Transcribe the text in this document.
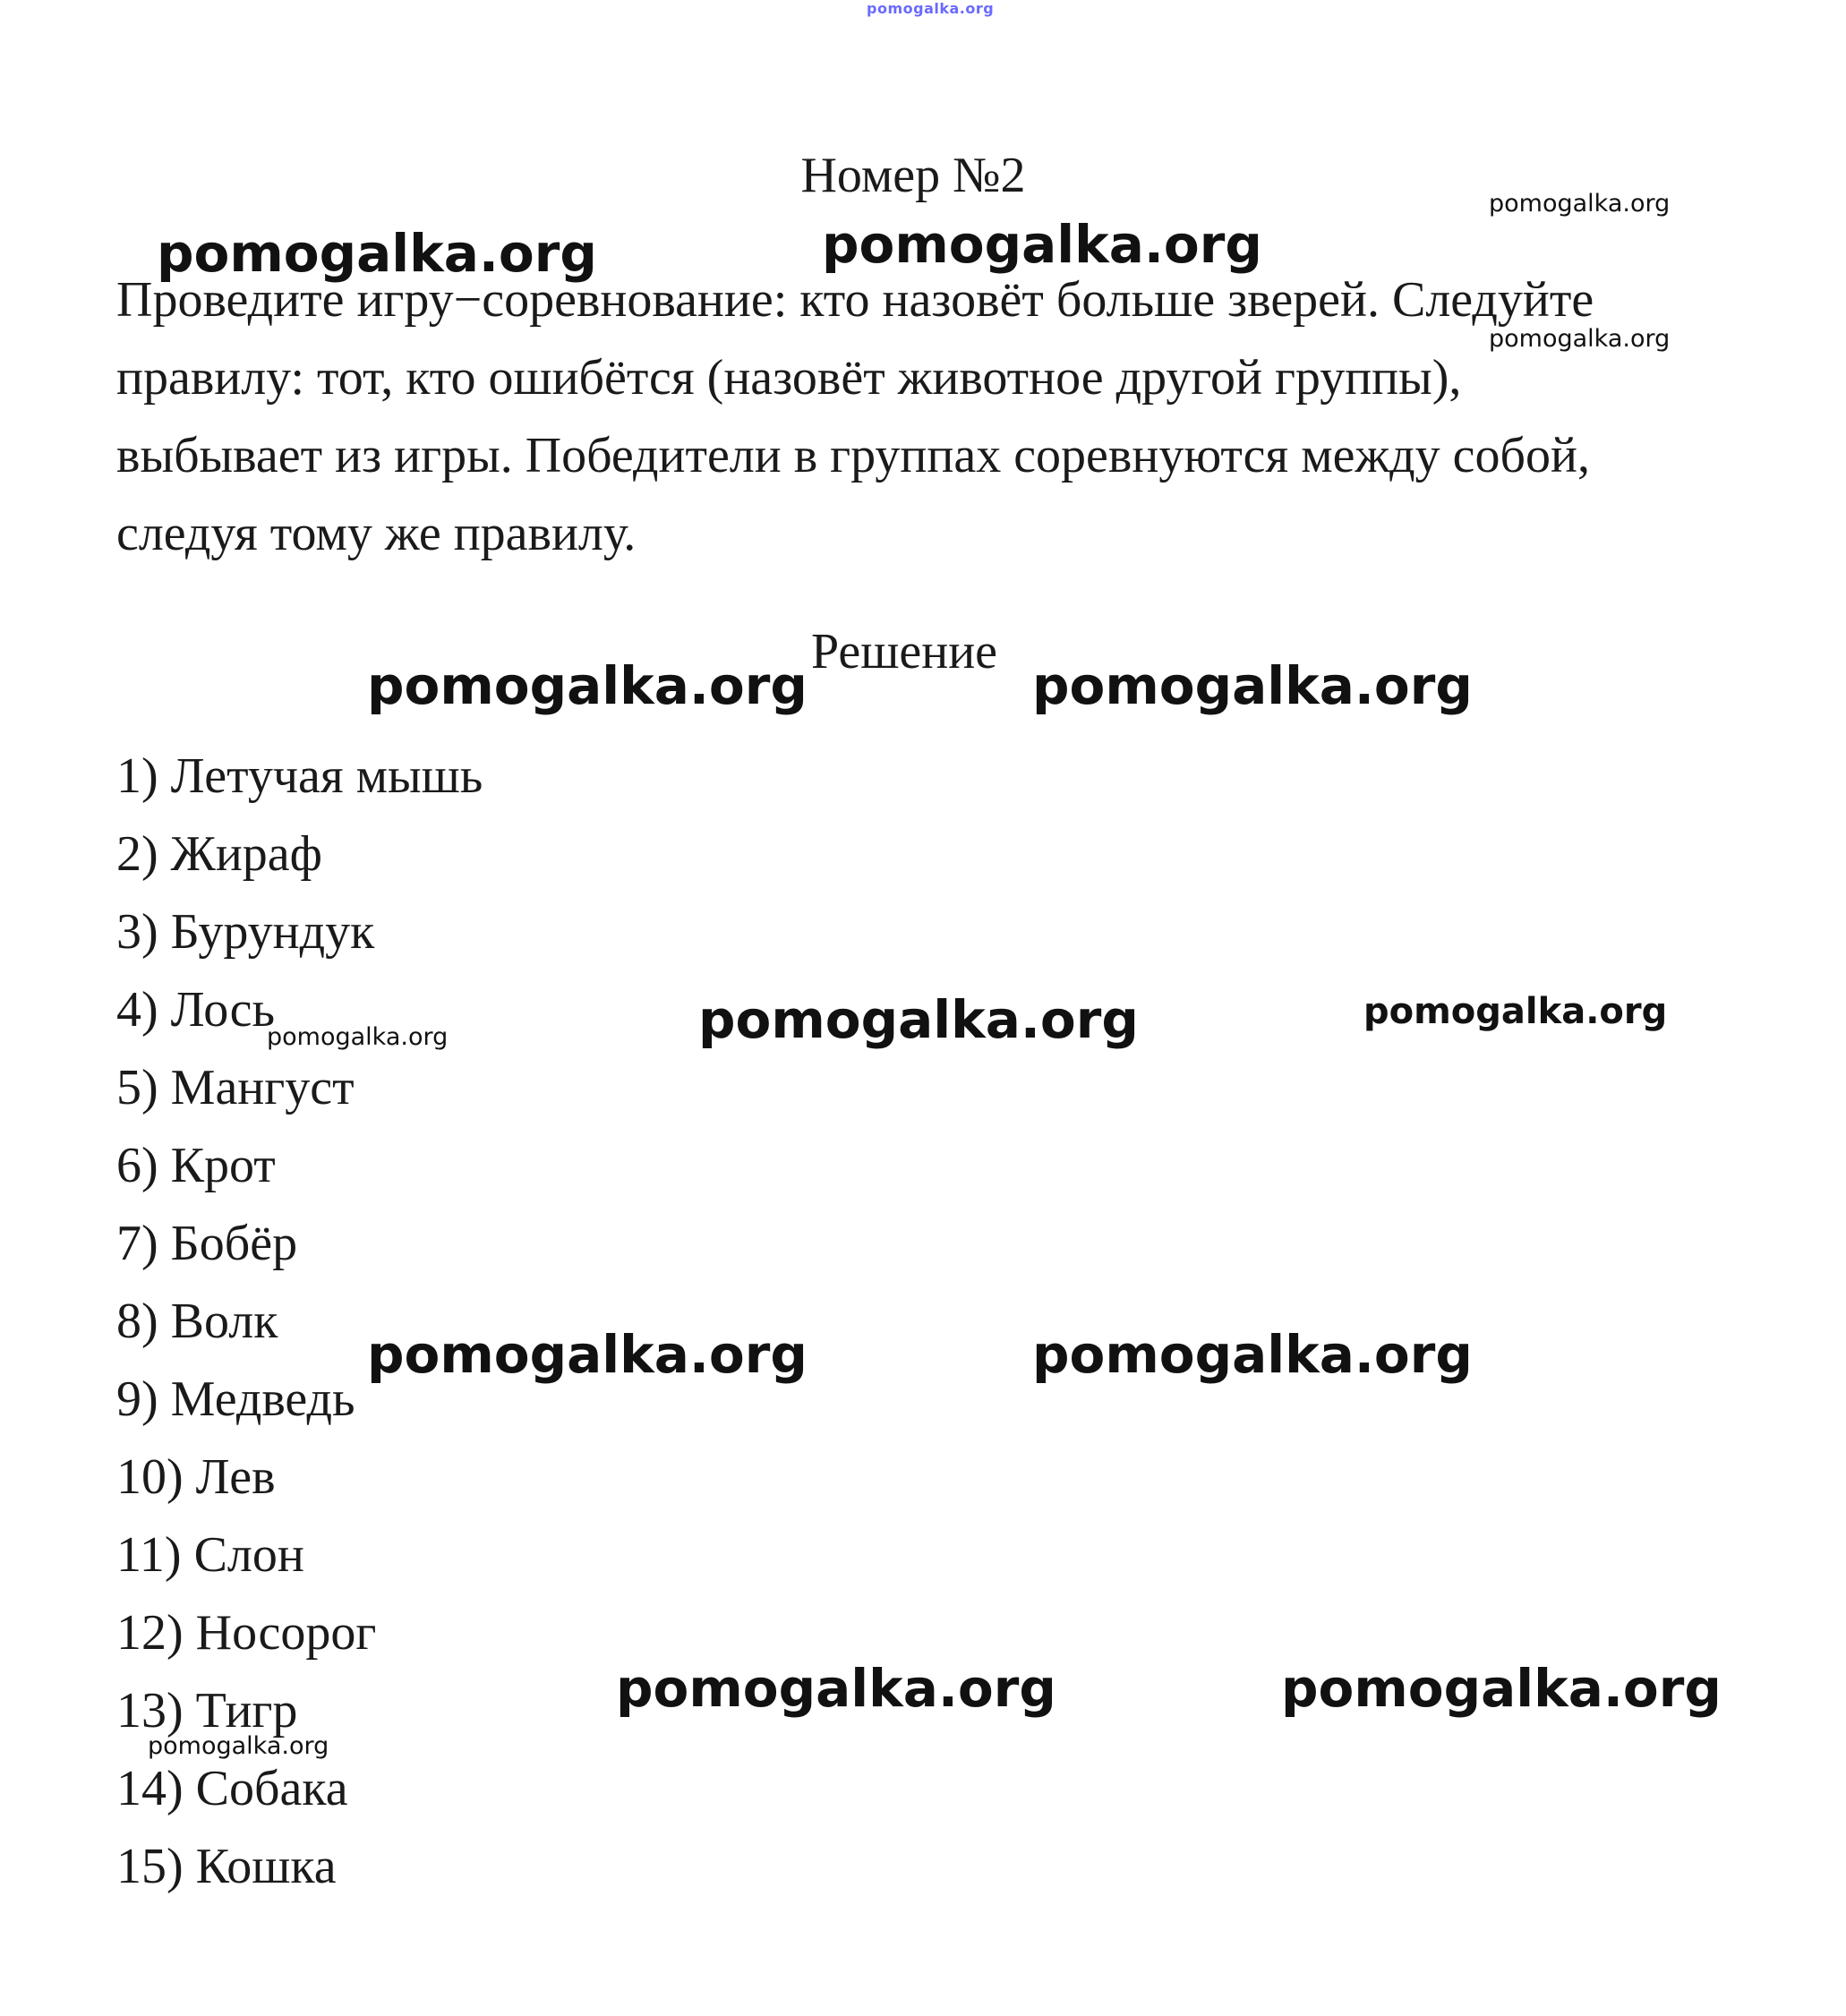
pomogalka.org
pomogalka.org
pomogalka.org
pomogalka.org	pomogalka.org
pomogalka.org	pomogalka.org
pomogalka.org	pomogalka.org
pomogalka.org
pomogalka.org	pomogalka.org
pomogalka.org	pomogalka.org
pomogalka.org
Номер №2
Проведите игру−соревнование: кто назовёт больше зверей. Следуйте
правилу: тот, кто ошибётся (назовёт животное другой группы),
выбывает из игры. Победители в группах соревнуются между собой,
следуя тому же правилу.
Решение
1) Летучая мышь
2) Жираф
3) Бурундук
4) Лось
5) Мангуст
6) Крот
7) Бобёр
8) Волк
9) Медведь
10) Лев
11) Слон
12) Носорог
13) Тигр
14) Собака
15) Кошка
